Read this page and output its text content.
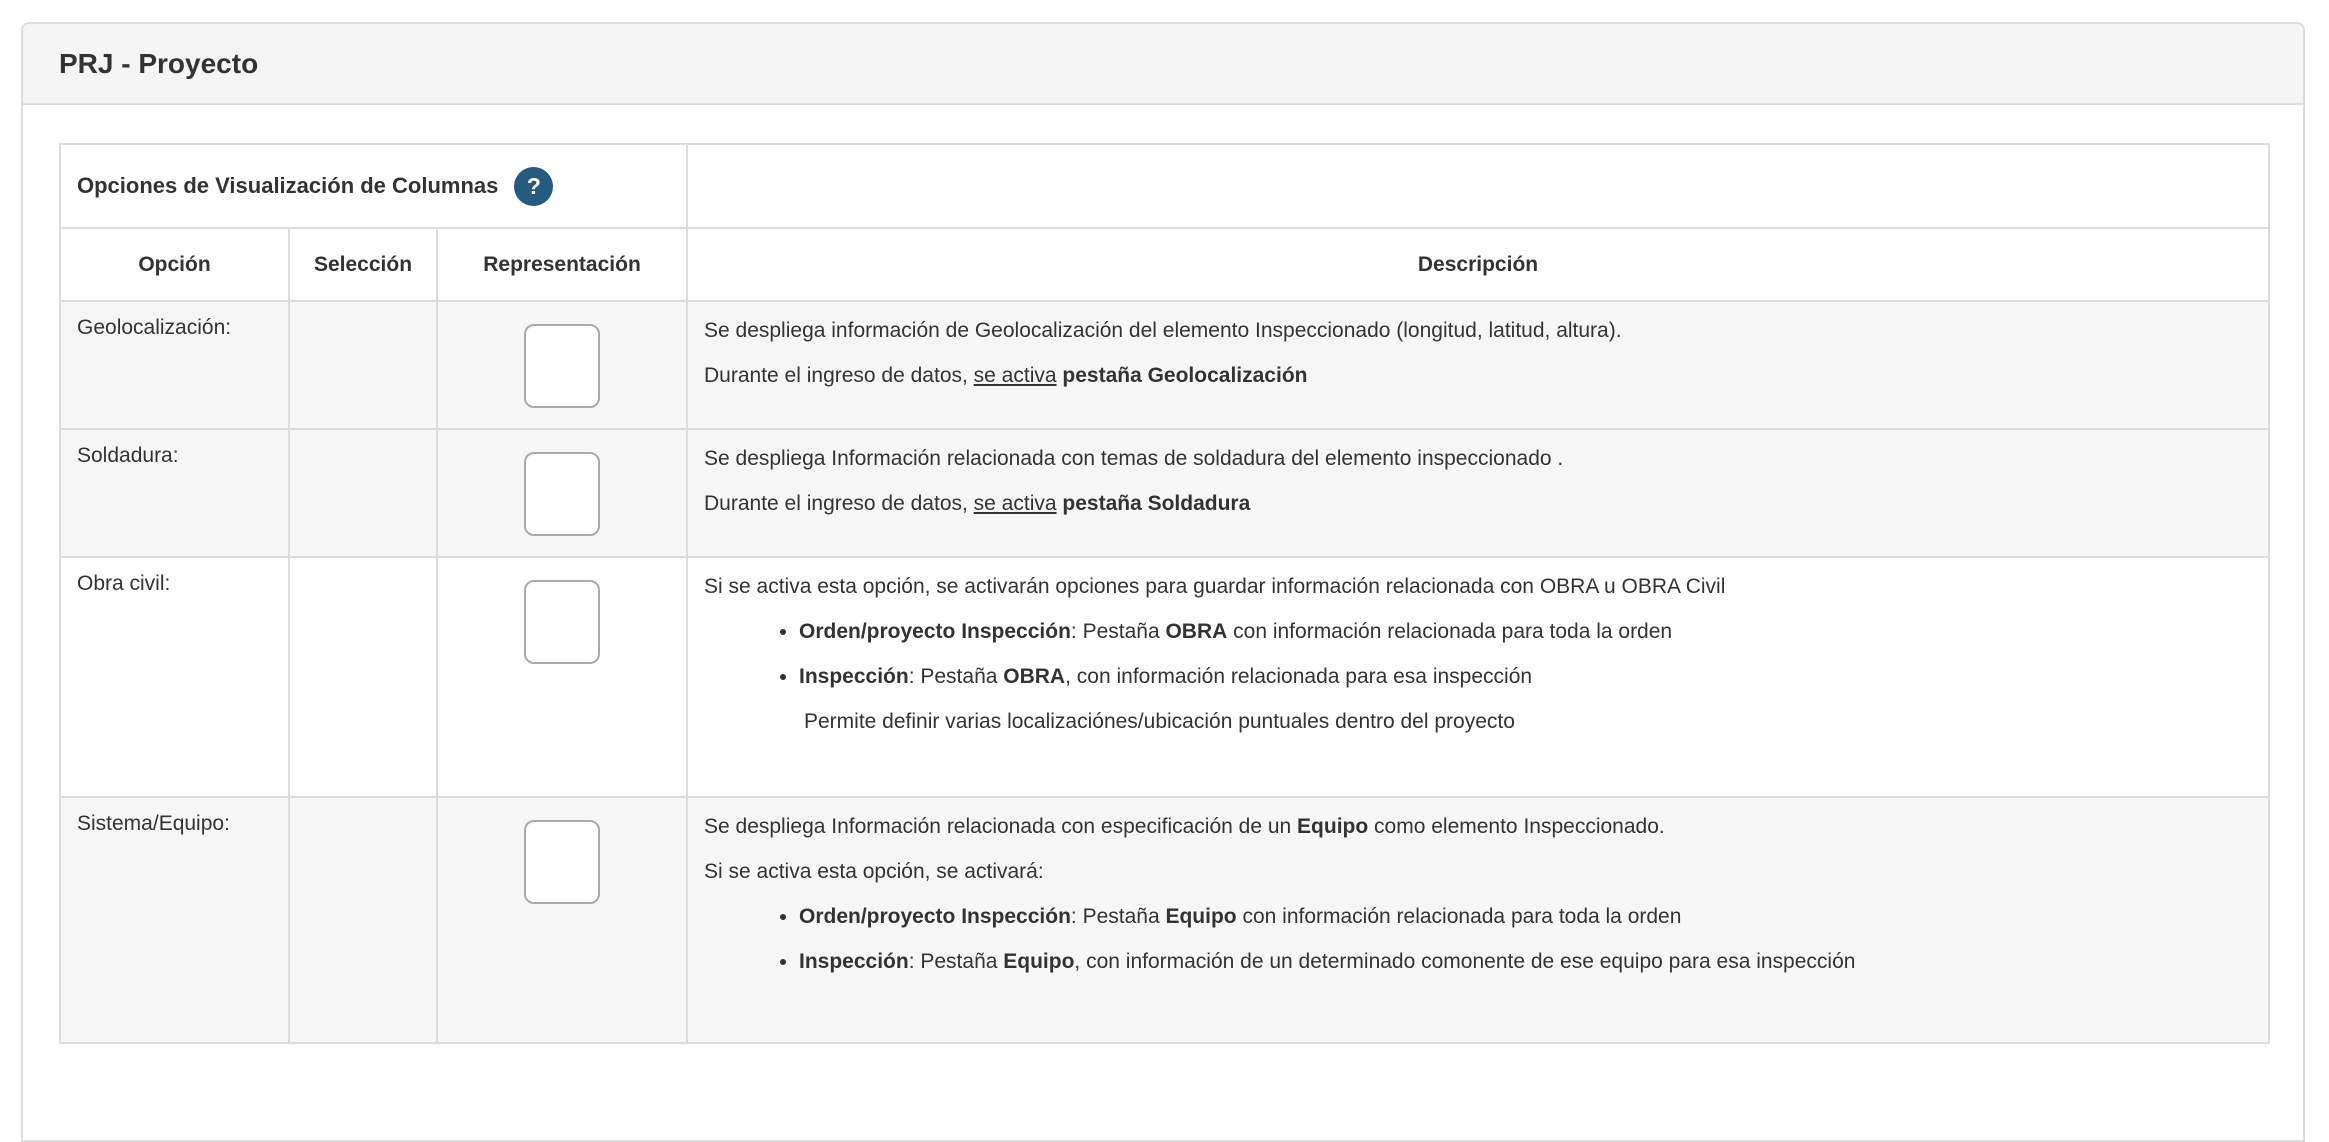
PRJ - Proyecto
Opciones de Visualización de Columnas ?			

Opción	Selección	Representación	Descripción
Geolocalización:			Se despliega información de Geolocalización del elemento Inspeccionado (longitud, latitud, altura).

Durante el ingreso de datos, se activa pestaña Geolocalización

Soldadura:			Se despliega Información relacionada con temas de soldadura del elemento inspeccionado .

Durante el ingreso de datos, se activa pestaña Soldadura

Obra civil:			Si se activa esta opción, se activarán opciones para guardar información relacionada con OBRA u OBRA Civil

• Orden/proyecto Inspección: Pestaña OBRA con información relacionada para toda la orden
• Inspección: Pestaña OBRA, con información relacionada para esa inspección

Permite definir varias localizaciónes/ubicación puntuales dentro del proyecto

Sistema/Equipo:			Se despliega Información relacionada con especificación de un Equipo como elemento Inspeccionado.

Si se activa esta opción, se activará:

• Orden/proyecto Inspección: Pestaña Equipo con información relacionada para toda la orden
• Inspección: Pestaña Equipo, con información de un determinado comonente de ese equipo para esa inspección
